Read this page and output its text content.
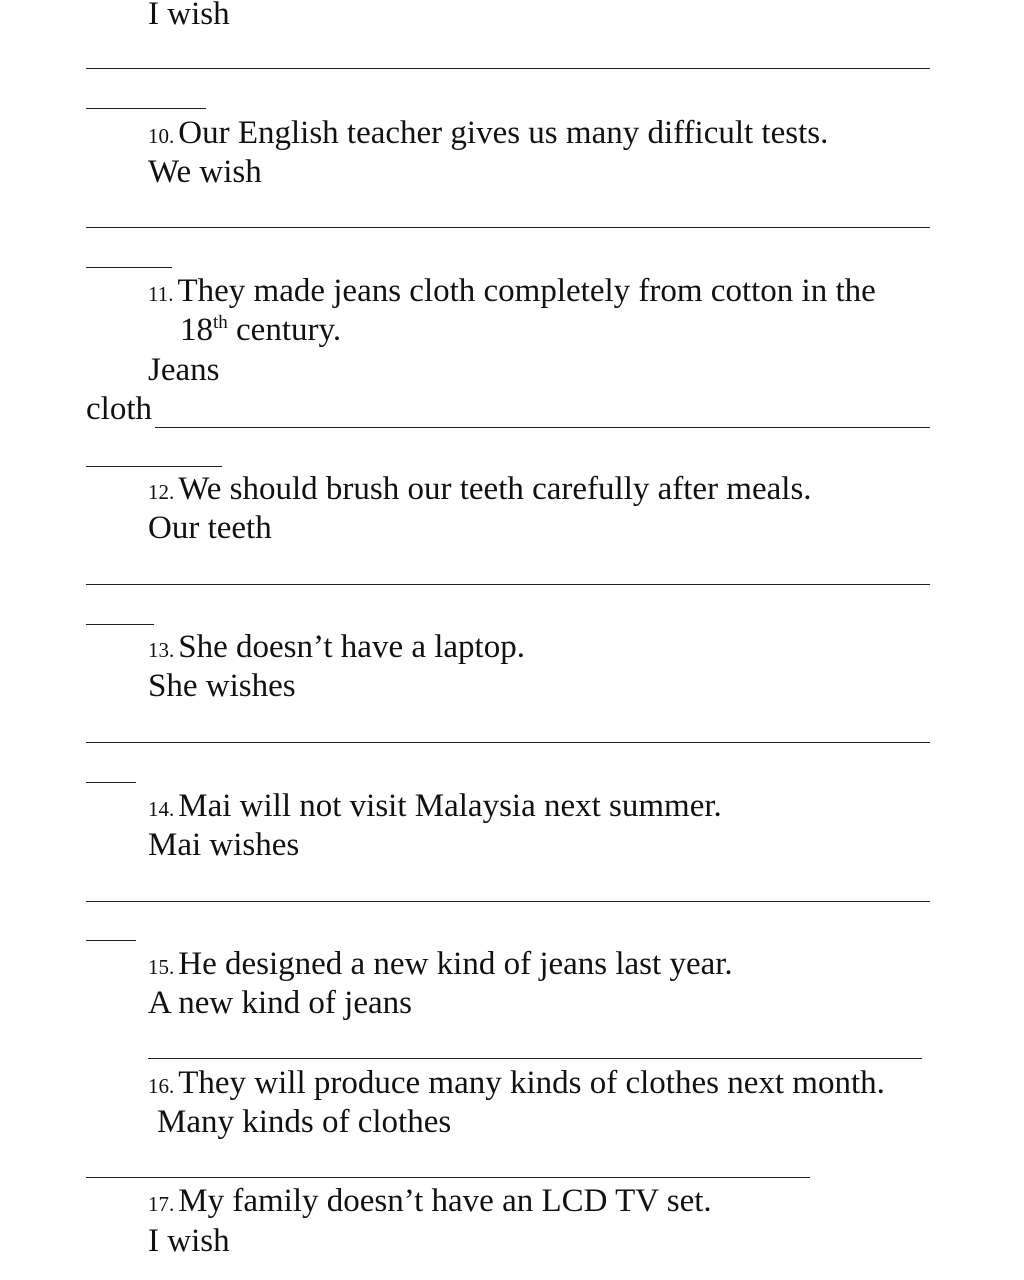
I wish
10. Our English teacher gives us many difficult tests.
We wish
11. They made jeans cloth completely from cotton in the
18th century.
Jeans
cloth
12. We should brush our teeth carefully after meals.
Our teeth
13. She doesn’t have a laptop.
She wishes
14. Mai will not visit Malaysia next summer.
Mai wishes
15. He designed a new kind of jeans last year.
A new kind of jeans
16. They will produce many kinds of clothes next month.
Many kinds of clothes
17. My family doesn’t have an LCD TV set.
I wish
